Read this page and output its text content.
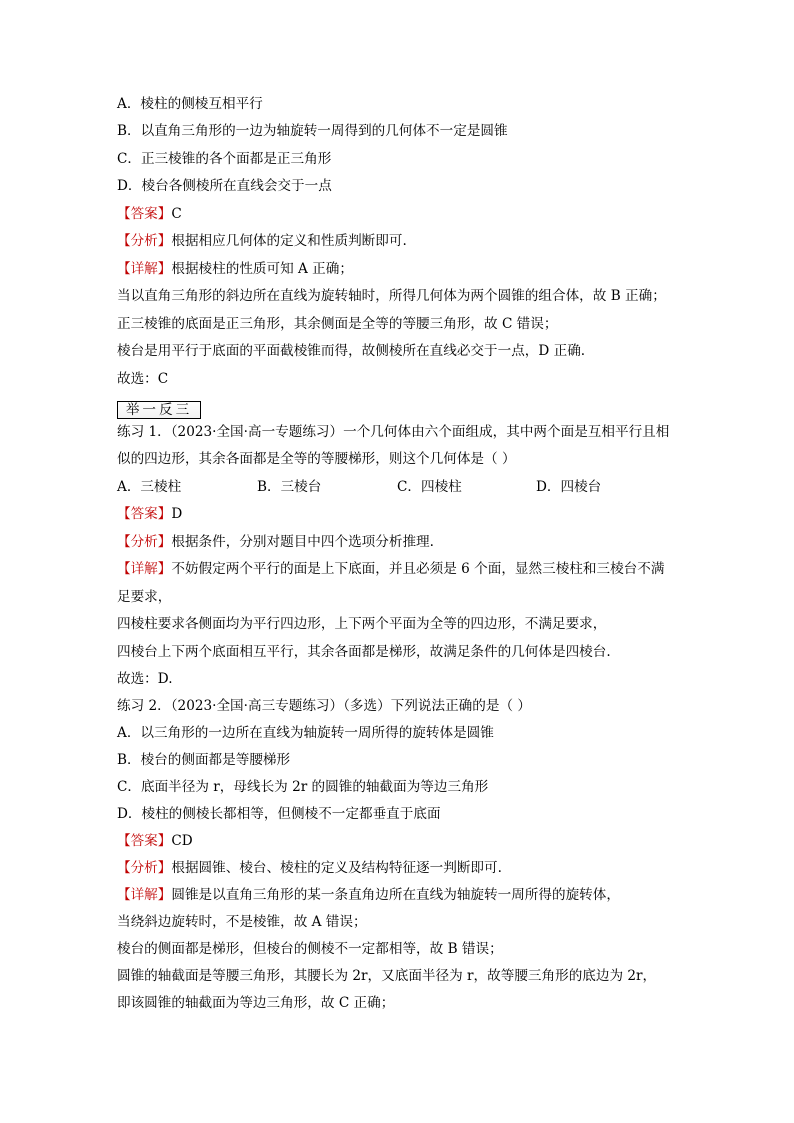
A．棱柱的侧棱互相平行
B．以直角三角形的一边为轴旋转一周得到的几何体不一定是圆锥
C．正三棱锥的各个面都是正三角形
D．棱台各侧棱所在直线会交于一点
【答案】C
【分析】根据相应几何体的定义和性质判断即可.
【详解】根据棱柱的性质可知 A 正确；
当以直角三角形的斜边所在直线为旋转轴时，所得几何体为两个圆锥的组合体，故 B 正确；
正三棱锥的底面是正三角形，其余侧面是全等的等腰三角形，故 C 错误；
棱台是用平行于底面的平面截棱锥而得，故侧棱所在直线必交于一点，D 正确.
故选：C
举一反三
练习 1．（2023·全国·高一专题练习）一个几何体由六个面组成，其中两个面是互相平行且相
似的四边形，其余各面都是全等的等腰梯形，则这个几何体是（ ）
A．三棱柱	B．三棱台	C．四棱柱	D．四棱台
【答案】D
【分析】根据条件，分别对题目中四个选项分析推理.
【详解】不妨假定两个平行的面是上下底面，并且必须是 6 个面，显然三棱柱和三棱台不满
足要求，
四棱柱要求各侧面均为平行四边形，上下两个平面为全等的四边形，不满足要求，
四棱台上下两个底面相互平行，其余各面都是梯形，故满足条件的几何体是四棱台.
故选：D.
练习 2．（2023·全国·高三专题练习）（多选）下列说法正确的是（ ）
A．以三角形的一边所在直线为轴旋转一周所得的旋转体是圆锥
B．棱台的侧面都是等腰梯形
C．底面半径为 r，母线长为 2r 的圆锥的轴截面为等边三角形
D．棱柱的侧棱长都相等，但侧棱不一定都垂直于底面
【答案】CD
【分析】根据圆锥、棱台、棱柱的定义及结构特征逐一判断即可.
【详解】圆锥是以直角三角形的某一条直角边所在直线为轴旋转一周所得的旋转体，
当绕斜边旋转时，不是棱锥，故 A 错误；
棱台的侧面都是梯形，但棱台的侧棱不一定都相等，故 B 错误；
圆锥的轴截面是等腰三角形，其腰长为 2r，又底面半径为 r，故等腰三角形的底边为 2r，
即该圆锥的轴截面为等边三角形，故 C 正确；
